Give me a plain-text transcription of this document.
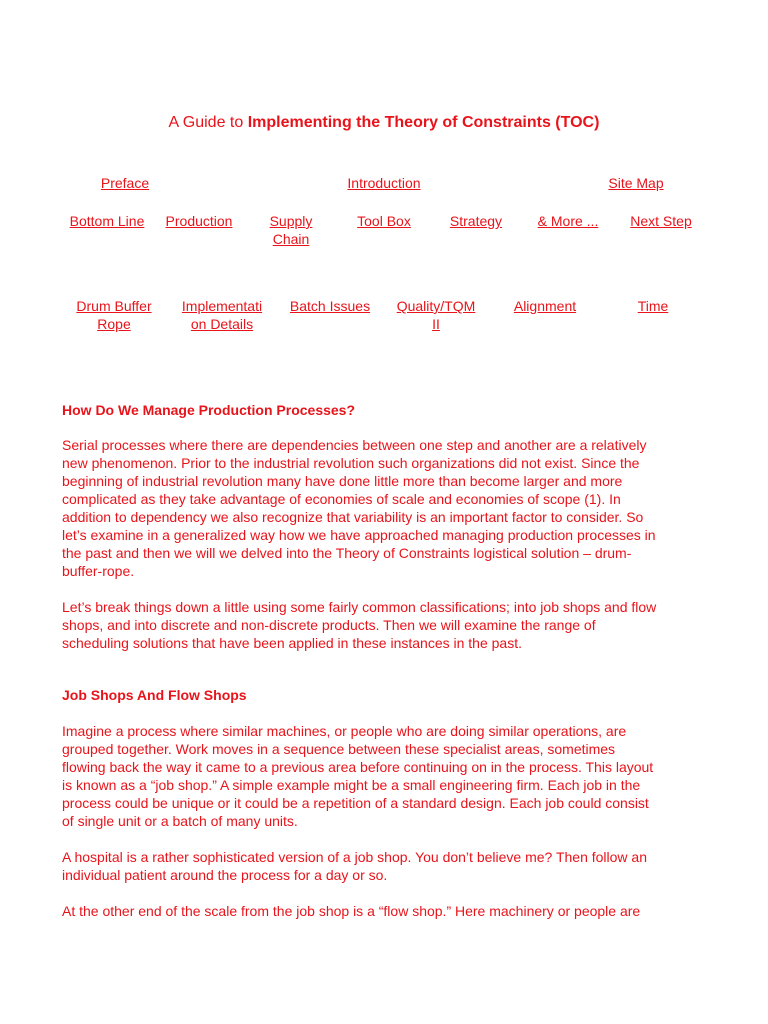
A Guide to Implementing the Theory of Constraints (TOC)
Preface	Introduction	Site Map
Bottom Line	Production	Supply
Chain
Tool Box	Strategy	& More ...	Next Step
Drum Buffer
Rope
Implementati
on Details
Batch Issues	Quality/TQM
II
Alignment	Time
How Do We Manage Production Processes?
Serial processes where there are dependencies between one step and another are a relatively
new phenomenon. Prior to the industrial revolution such organizations did not exist. Since the
beginning of industrial revolution many have done little more than become larger and more
complicated as they take advantage of economies of scale and economies of scope (1). In
addition to dependency we also recognize that variability is an important factor to consider. So
let’s examine in a generalized way how we have approached managing production processes in
the past and then we will we delved into the Theory of Constraints logistical solution – drum-
buffer-rope.
Let’s break things down a little using some fairly common classifications; into job shops and flow
shops, and into discrete and non-discrete products. Then we will examine the range of
scheduling solutions that have been applied in these instances in the past.
Job Shops And Flow Shops
Imagine a process where similar machines, or people who are doing similar operations, are
grouped together. Work moves in a sequence between these specialist areas, sometimes
flowing back the way it came to a previous area before continuing on in the process. This layout
is known as a “job shop.” A simple example might be a small engineering firm. Each job in the
process could be unique or it could be a repetition of a standard design. Each job could consist
of single unit or a batch of many units.
A hospital is a rather sophisticated version of a job shop. You don’t believe me? Then follow an
individual patient around the process for a day or so.
At the other end of the scale from the job shop is a “flow shop.” Here machinery or people are
